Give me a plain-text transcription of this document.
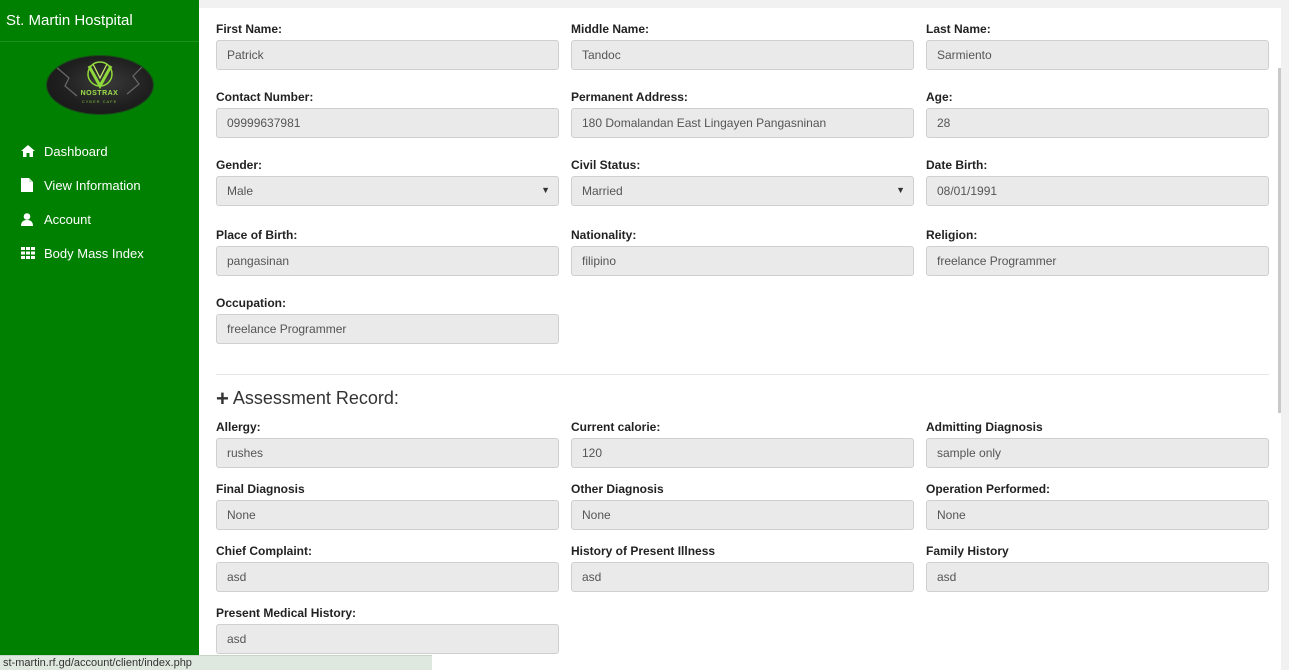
St. Martin Hostpital
NOSTRAX
CYBER CAFE
Dashboard
View Information
Account
Body Mass Index
First Name:
Patrick
Middle Name:
Tandoc
Last Name:
Sarmiento
Contact Number:
09999637981
Permanent Address:
180 Domalandan East Lingayen Pangasninan
Age:
28
Gender:
Male	▼
Civil Status:
Married	▼
Date Birth:
08/01/1991
Place of Birth:
pangasinan
Nationality:
filipino
Religion:
freelance Programmer
Occupation:
freelance Programmer
+ Assessment Record:
Allergy:
rushes
Current calorie:
120
Admitting Diagnosis
sample only
Final Diagnosis
None
Other Diagnosis
None
Operation Performed:
None
Chief Complaint:
asd
History of Present Illness
asd
Family History
asd
Present Medical History:
asd
st-martin.rf.gd/account/client/index.php
